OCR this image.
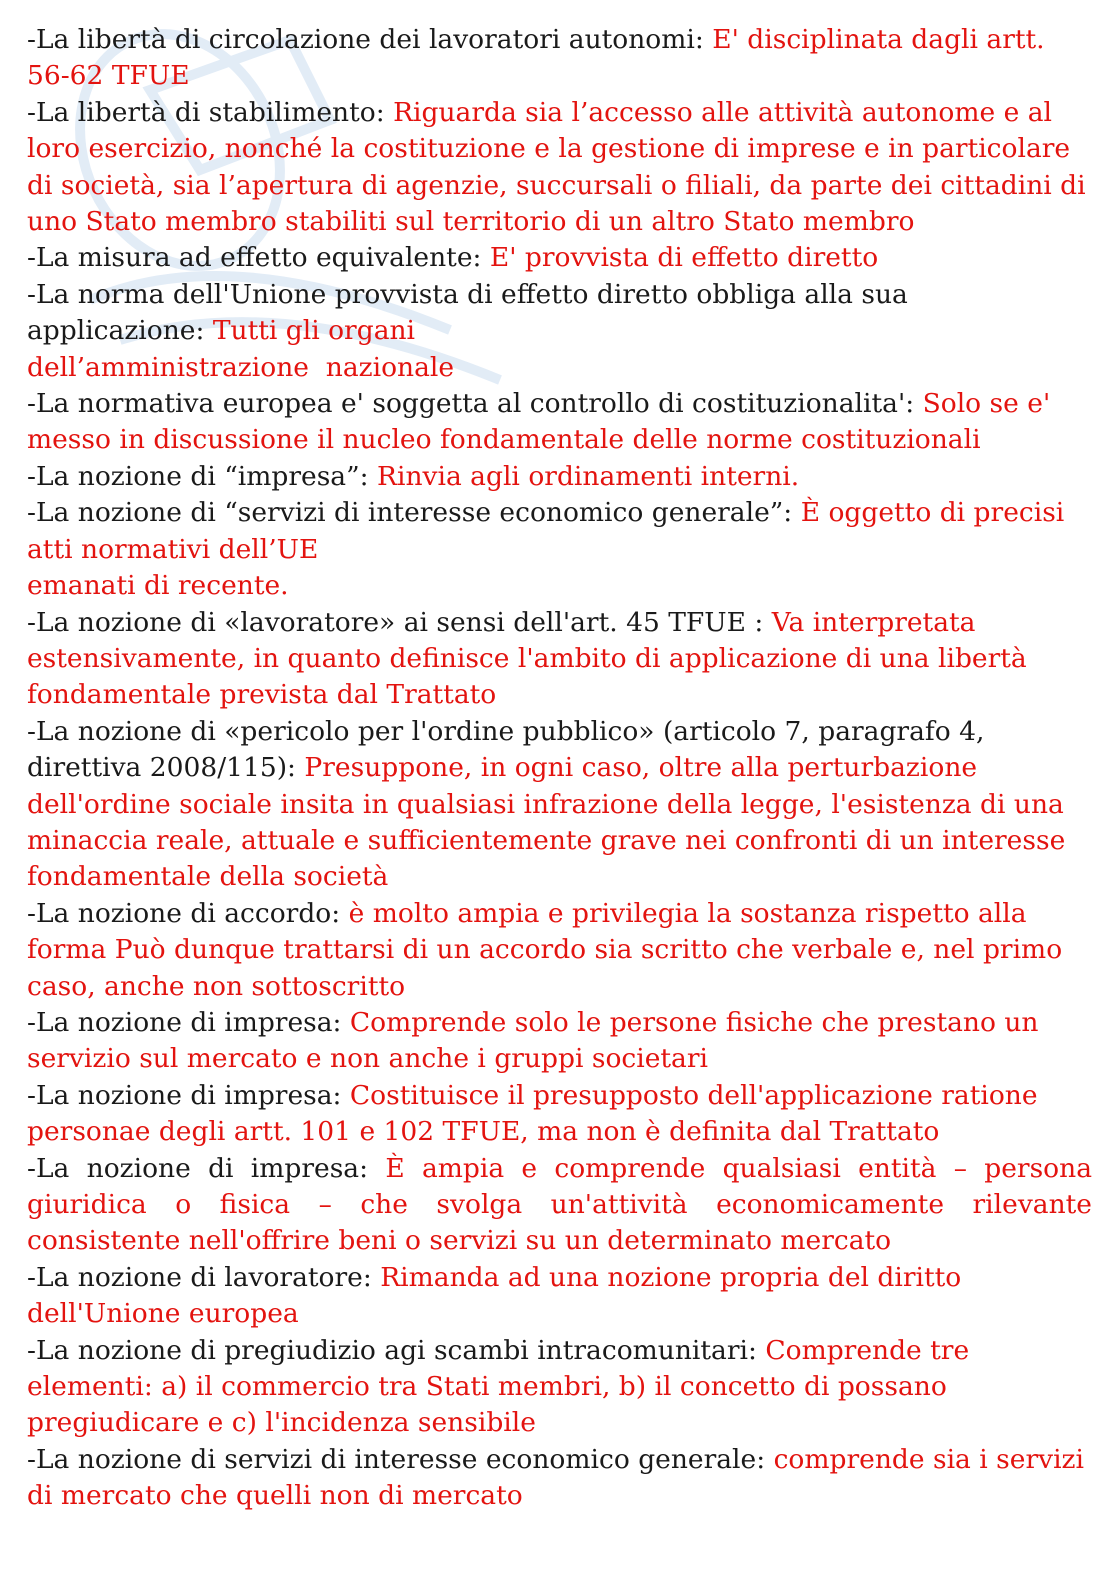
-La libertà di circolazione dei lavoratori autonomi: E' disciplinata dagli artt. 56-62 TFUE

-La libertà di stabilimento: Riguarda sia l’accesso alle attività autonome e al loro esercizio, nonché la costituzione e la gestione di imprese e in particolare di società, sia l’apertura di agenzie, succursali o filiali, da parte dei cittadini di uno Stato membro stabiliti sul territorio di un altro Stato membro

-La misura ad effetto equivalente: E' provvista di effetto diretto

-La norma dell'Unione provvista di effetto diretto obbliga alla sua applicazione: Tutti gli organi
dell’amministrazione  nazionale

-La normativa europea e' soggetta al controllo di costituzionalita': Solo se e' messo in discussione il nucleo fondamentale delle norme costituzionali

-La nozione di “impresa”: Rinvia agli ordinamenti interni.

-La nozione di “servizi di interesse economico generale”: È oggetto di precisi atti normativi dell’UE
emanati di recente.

-La nozione di «lavoratore» ai sensi dell'art. 45 TFUE : Va interpretata estensivamente, in quanto definisce l'ambito di applicazione di una libertà fondamentale prevista dal Trattato

-La nozione di «pericolo per l'ordine pubblico» (articolo 7, paragrafo 4, direttiva 2008/115): Presuppone, in ogni caso, oltre alla perturbazione dell'ordine sociale insita in qualsiasi infrazione della legge, l'esistenza di una minaccia reale, attuale e sufficientemente grave nei confronti di un interesse fondamentale della società

-La nozione di accordo: è molto ampia e privilegia la sostanza rispetto alla forma Può dunque trattarsi di un accordo sia scritto che verbale e, nel primo caso, anche non sottoscritto

-La nozione di impresa: Comprende solo le persone fisiche che prestano un servizio sul mercato e non anche i gruppi societari

-La nozione di impresa: Costituisce il presupposto dell'applicazione ratione personae degli artt. 101 e 102 TFUE, ma non è definita dal Trattato

-La nozione di impresa: È ampia e comprende qualsiasi entità – persona giuridica o fisica – che svolga un'attività economicamente rilevante consistente nell'offrire beni o servizi su un determinato mercato

-La nozione di lavoratore: Rimanda ad una nozione propria del diritto dell'Unione europea

-La nozione di pregiudizio agi scambi intracomunitari: Comprende tre elementi: a) il commercio tra Stati membri, b) il concetto di possano pregiudicare e c) l'incidenza sensibile

-La nozione di servizi di interesse economico generale: comprende sia i servizi di mercato che quelli non di mercato
